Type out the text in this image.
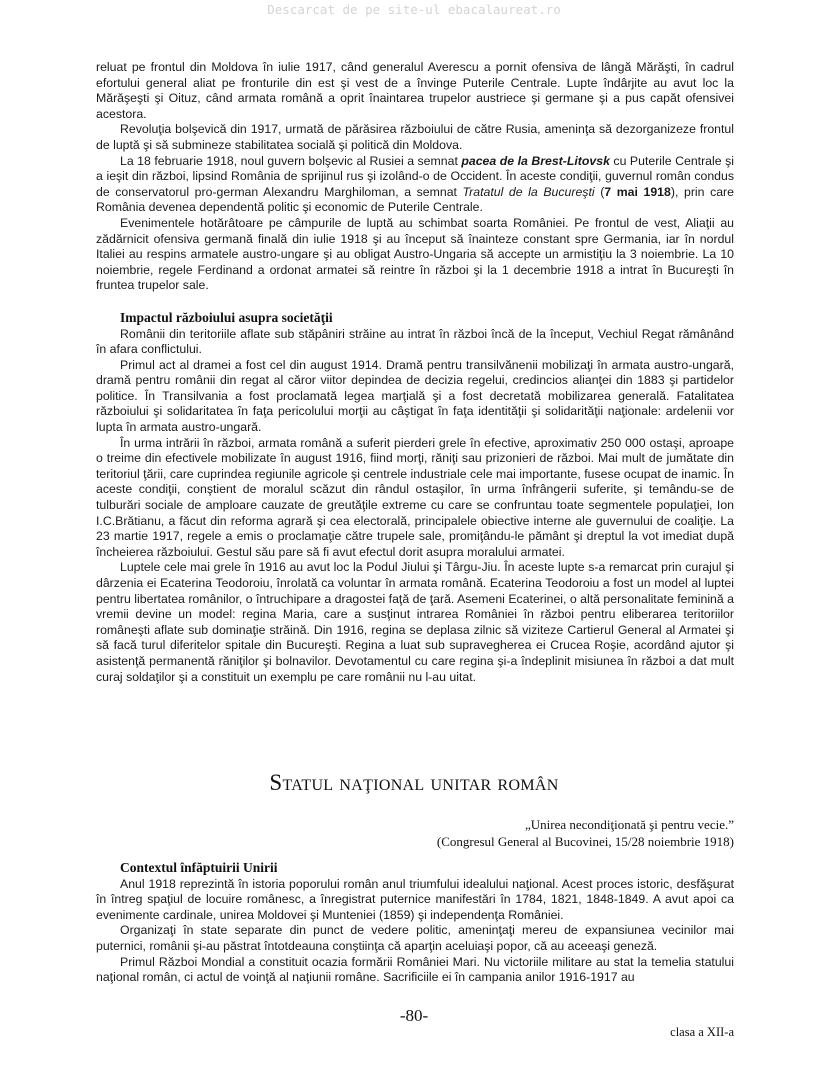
Descarcat de pe site-ul ebacalaureat.ro

reluat pe frontul din Moldova în iulie 1917, când generalul Averescu a pornit ofensiva de lângă Mărăşti, în cadrul efortului general aliat pe fronturile din est şi vest de a învinge Puterile Centrale. Lupte îndârjite au avut loc la Mărăşeşti şi Oituz, când armata română a oprit înaintarea trupelor austriece şi germane şi a pus capăt ofensivei acestora.

Revoluţia bolşevică din 1917, urmată de părăsirea războiului de către Rusia, ameninţa să dezorganizeze frontul de luptă şi să submineze stabilitatea socială şi politică din Moldova.

La 18 februarie 1918, noul guvern bolşevic al Rusiei a semnat pacea de la Brest-Litovsk cu Puterile Centrale şi a ieşit din război, lipsind România de sprijinul rus şi izolând-o de Occident. În aceste condiţii, guvernul român condus de conservatorul pro-german Alexandru Marghiloman, a semnat Tratatul de la Bucureşti (7 mai 1918), prin care România devenea dependentă politic şi economic de Puterile Centrale.

Evenimentele hotărâtoare pe câmpurile de luptă au schimbat soarta României. Pe frontul de vest, Aliaţii au zădărnicit ofensiva germană finală din iulie 1918 şi au început să înainteze constant spre Germania, iar în nordul Italiei au respins armatele austro-ungare şi au obligat Austro-Ungaria să accepte un armistiţiu la 3 noiembrie. La 10 noiembrie, regele Ferdinand a ordonat armatei să reintre în război şi la 1 decembrie 1918 a intrat în Bucureşti în fruntea trupelor sale.

Impactul războiului asupra societăţii

Românii din teritoriile aflate sub stăpâniri străine au intrat în război încă de la început, Vechiul Regat rămânând în afara conflictului.

Primul act al dramei a fost cel din august 1914. Dramă pentru transilvănenii mobilizaţi în armata austro-ungară, dramă pentru românii din regat al căror viitor depindea de decizia regelui, credincios alianţei din 1883 şi partidelor politice. În Transilvania a fost proclamată legea marţială şi a fost decretată mobilizarea generală. Fatalitatea războiului şi solidaritatea în faţa pericolului morţii au câştigat în faţa identităţii şi solidarităţii naţionale: ardelenii vor lupta în armata austro-ungară.

În urma intrării în război, armata română a suferit pierderi grele în efective, aproximativ 250 000 ostaşi, aproape o treime din efectivele mobilizate în august 1916, fiind morţi, răniţi sau prizonieri de război. Mai mult de jumătate din teritoriul ţării, care cuprindea regiunile agricole şi centrele industriale cele mai importante, fusese ocupat de inamic. În aceste condiţii, conştient de moralul scăzut din rândul ostaşilor, în urma înfrângerii suferite, şi temându-se de tulburări sociale de amploare cauzate de greutăţile extreme cu care se confruntau toate segmentele populaţiei, Ion I.C.Brătianu, a făcut din reforma agrară şi cea electorală, principalele obiective interne ale guvernului de coaliţie. La 23 martie 1917, regele a emis o proclamaţie către trupele sale, promiţându-le pământ şi dreptul la vot imediat după încheierea războiului. Gestul său pare să fi avut efectul dorit asupra moralului armatei.

Luptele cele mai grele în 1916 au avut loc la Podul Jiului şi Târgu-Jiu. În aceste lupte s-a remarcat prin curajul şi dârzenia ei Ecaterina Teodoroiu, înrolată ca voluntar în armata română. Ecaterina Teodoroiu a fost un model al luptei pentru libertatea românilor, o întruchipare a dragostei faţă de ţară. Asemeni Ecaterinei, o altă personalitate feminină a vremii devine un model: regina Maria, care a susţinut intrarea României în război pentru eliberarea teritoriilor româneşti aflate sub dominaţie străină. Din 1916, regina se deplasa zilnic să viziteze Cartierul General al Armatei şi să facă turul diferitelor spitale din Bucureşti. Regina a luat sub supravegherea ei Crucea Roşie, acordând ajutor şi asistenţă permanentă răniţilor şi bolnavilor. Devotamentul cu care regina şi-a îndeplinit misiunea în război a dat mult curaj soldaţilor şi a constituit un exemplu pe care românii nu l-au uitat.

Statul naţional unitar român
„Unirea necondiţionată şi pentru vecie.”
(Congresul General al Bucovinei, 15/28 noiembrie 1918)
Contextul înfăptuirii Unirii

Anul 1918 reprezintă în istoria poporului român anul triumfului idealului naţional. Acest proces istoric, desfăşurat în întreg spaţiul de locuire românesc, a înregistrat puternice manifestări în 1784, 1821, 1848-1849. A avut apoi ca evenimente cardinale, unirea Moldovei şi Munteniei (1859) şi independenţa României.

Organizaţi în state separate din punct de vedere politic, ameninţaţi mereu de expansiunea vecinilor mai puternici, românii şi-au păstrat întotdeauna conştiinţa că aparţin aceluiaşi popor, că au aceeaşi geneză.

Primul Război Mondial a constituit ocazia formării României Mari. Nu victoriile militare au stat la temelia statului naţional român, ci actul de voinţă al naţiunii române. Sacrificiile ei în campania anilor 1916-1917 au

-80-
clasa a XII-a
